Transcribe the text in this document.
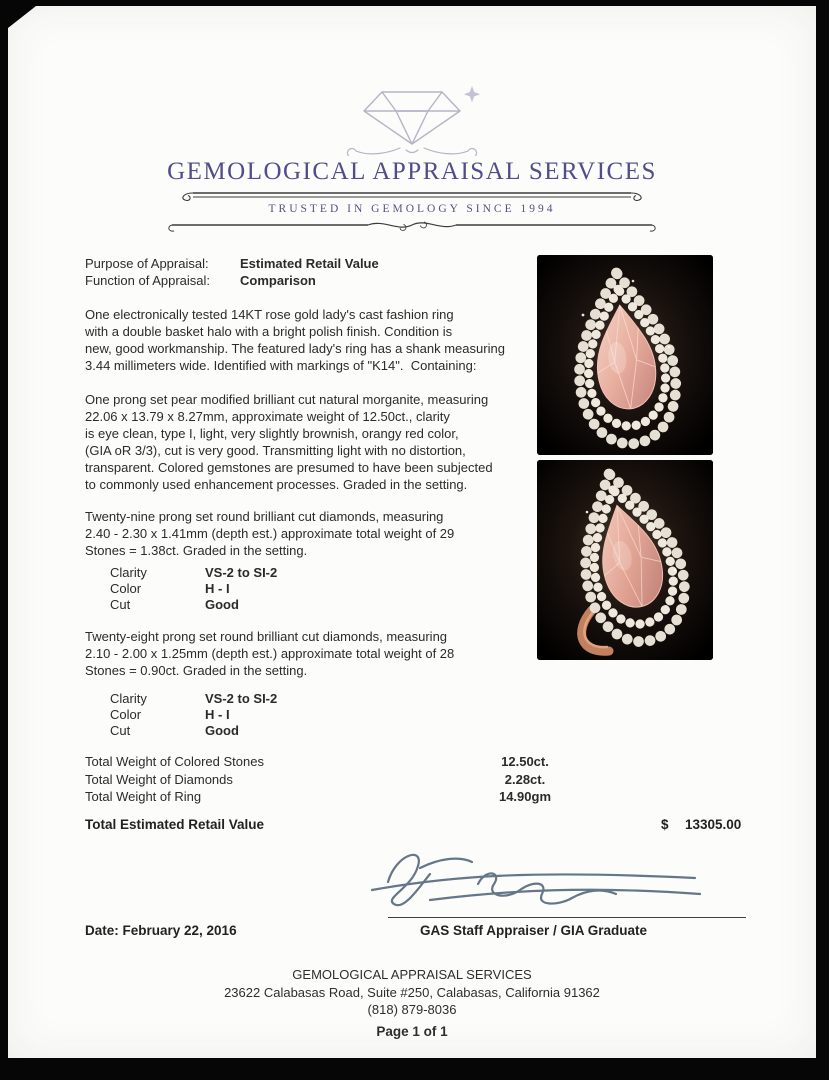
GEMOLOGICAL APPRAISAL SERVICES
TRUSTED IN GEMOLOGY SINCE 1994
Purpose of Appraisal:	Estimated Retail Value
Function of Appraisal:	Comparison
One electronically tested 14KT rose gold lady's cast fashion ring
with a double basket halo with a bright polish finish. Condition is
new, good workmanship. The featured lady's ring has a shank measuring
3.44 millimeters wide. Identified with markings of "K14".  Containing:
One prong set pear modified brilliant cut natural morganite, measuring
22.06 x 13.79 x 8.27mm, approximate weight of 12.50ct., clarity
is eye clean, type I, light, very slightly brownish, orangy red color,
(GIA oR 3/3), cut is very good. Transmitting light with no distortion,
transparent. Colored gemstones are presumed to have been subjected
to commonly used enhancement processes. Graded in the setting.
Twenty-nine prong set round brilliant cut diamonds, measuring
2.40 - 2.30 x 1.41mm (depth est.) approximate total weight of 29
Stones = 1.38ct. Graded in the setting.
Clarity	VS-2 to SI-2
Color	H - I
Cut	Good
Twenty-eight prong set round brilliant cut diamonds, measuring
2.10 - 2.00 x 1.25mm (depth est.) approximate total weight of 28
Stones = 0.90ct. Graded in the setting.
Clarity	VS-2 to SI-2
Color	H - I
Cut	Good
Total Weight of Colored Stones	12.50ct.
Total Weight of Diamonds	2.28ct.
Total Weight of Ring	14.90gm
Total Estimated Retail Value	$ 13305.00
Date: February 22, 2016	GAS Staff Appraiser / GIA Graduate
GEMOLOGICAL APPRAISAL SERVICES
23622 Calabasas Road, Suite #250, Calabasas, California 91362
(818) 879-8036
Page 1 of 1
